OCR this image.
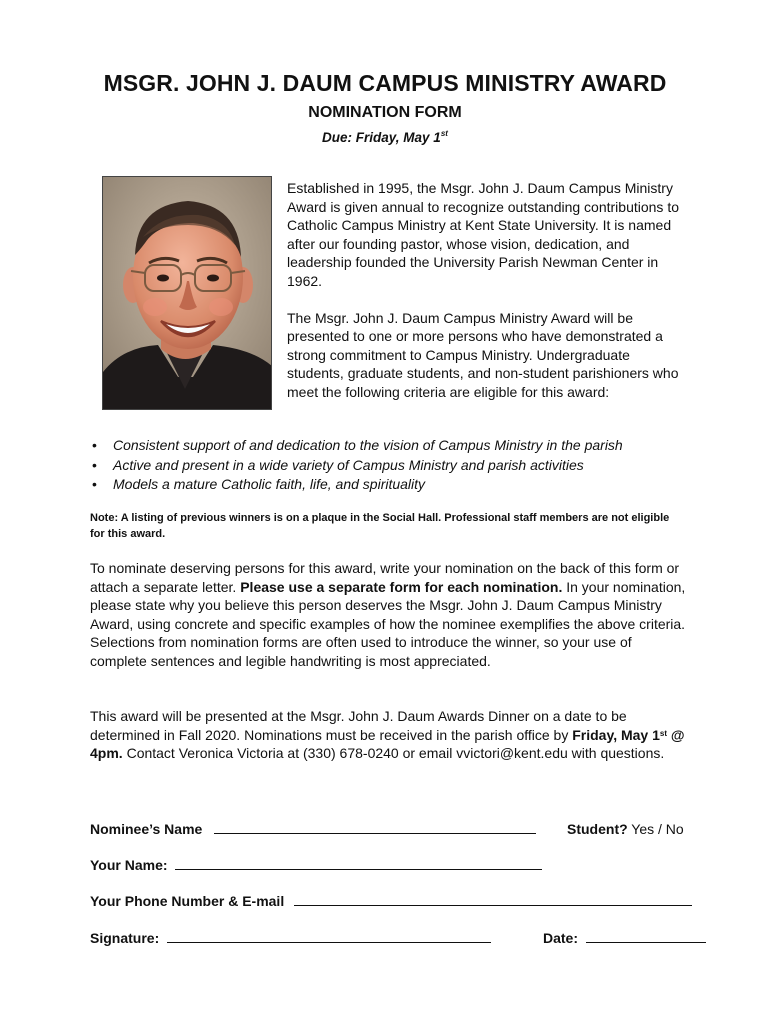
MSGR. JOHN J. DAUM CAMPUS MINISTRY AWARD
NOMINATION FORM
Due: Friday, May 1st

Established in 1995, the Msgr. John J. Daum Campus Ministry Award is given annual to recognize outstanding contributions to Catholic Campus Ministry at Kent State University. It is named after our founding pastor, whose vision, dedication, and leadership founded the University Parish Newman Center in 1962.

The Msgr. John J. Daum Campus Ministry Award will be presented to one or more persons who have demonstrated a strong commitment to Campus Ministry. Undergraduate students, graduate students, and non-student parishioners who meet the following criteria are eligible for this award:

• Consistent support of and dedication to the vision of Campus Ministry in the parish
• Active and present in a wide variety of Campus Ministry and parish activities
• Models a mature Catholic faith, life, and spirituality
Note: A listing of previous winners is on a plaque in the Social Hall. Professional staff members are not eligible for this award.

To nominate deserving persons for this award, write your nomination on the back of this form or attach a separate letter. Please use a separate form for each nomination. In your nomination, please state why you believe this person deserves the Msgr. John J. Daum Campus Ministry Award, using concrete and specific examples of how the nominee exemplifies the above criteria. Selections from nomination forms are often used to introduce the winner, so your use of complete sentences and legible handwriting is most appreciated.

This award will be presented at the Msgr. John J. Daum Awards Dinner on a date to be determined in Fall 2020. Nominations must be received in the parish office by Friday, May 1st @ 4pm. Contact Veronica Victoria at (330) 678-0240 or email vvictori@kent.edu with questions.

Nominee’s Name	Student? Yes / No
Your Name:
Your Phone Number & E-mail
Signature:	Date:
